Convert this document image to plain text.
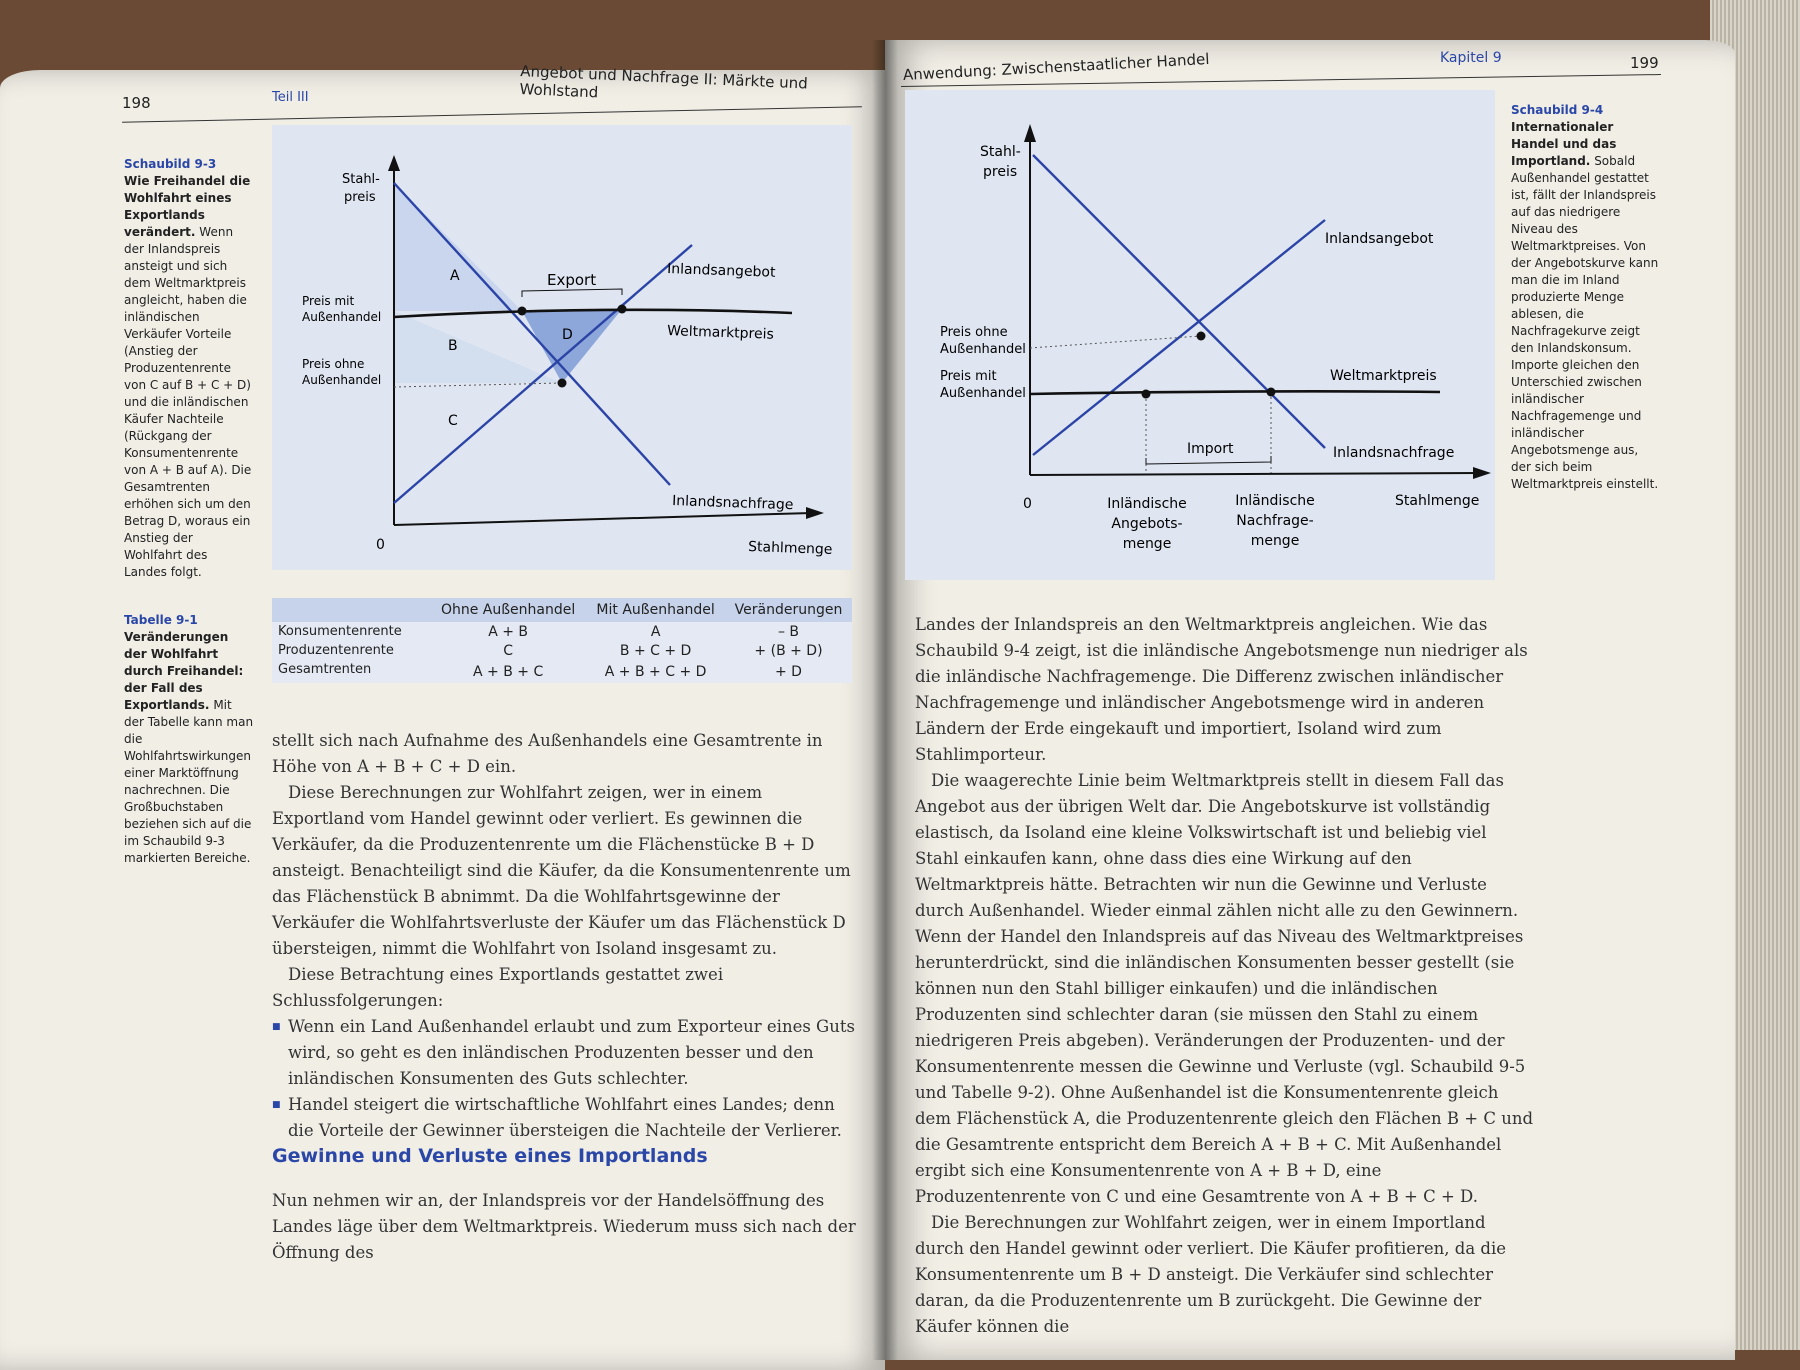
198	Teil III
Angebot und Nachfrage II: Märkte und Wohlstand
Schaubild 9-3
Wie Freihandel die Wohlfahrt eines Exportlands verändert. Wenn der Inlandspreis ansteigt und sich dem Weltmarktpreis angleicht, haben die inländischen Verkäufer Vorteile (Anstieg der Produzentenrente von C auf B + C + D) und die inländischen Käufer Nachteile (Rückgang der Konsumentenrente von A + B auf A). Die Gesamtrenten erhöhen sich um den Betrag D, woraus ein Anstieg der Wohlfahrt des Landes folgt.
Export
A
B
C
D
Stahl-
preis
Preis mit
Außenhandel
Preis ohne
Außenhandel
Inlandsangebot
Weltmarktpreis
Inlandsnachfrage
Stahlmenge
0
Tabelle 9-1
Veränderungen der Wohlfahrt durch Freihandel: der Fall des Exportlands. Mit der Tabelle kann man die Wohlfahrtswirkungen einer Marktöffnung nachrechnen. Die Großbuchstaben beziehen sich auf die im Schaubild 9-3 markierten Bereiche.
	Ohne Außenhandel	Mit Außenhandel	Veränderungen
Konsumentenrente	A + B	A	– B
Produzentenrente	C	B + C + D	+ (B + D)
Gesamtrenten	A + B + C	A + B + C + D	+ D

stellt sich nach Aufnahme des Außenhandels eine Gesamtrente in Höhe von A + B + C + D ein.

Diese Berechnungen zur Wohlfahrt zeigen, wer in einem Exportland vom Handel gewinnt oder verliert. Es gewinnen die Verkäufer, da die Produzentenrente um die Flächenstücke B + D ansteigt. Benachteiligt sind die Käufer, da die Konsumentenrente um das Flächenstück B abnimmt. Da die Wohlfahrtsgewinne der Verkäufer die Wohlfahrtsverluste der Käufer um das Flächenstück D übersteigen, nimmt die Wohlfahrt von Isoland insgesamt zu.

Diese Betrachtung eines Exportlands gestattet zwei Schlussfolgerungen:

■ Wenn ein Land Außenhandel erlaubt und zum Exporteur eines Guts wird, so geht es den inländischen Produzenten besser und den inländischen Konsumenten des Guts schlechter.

■ Handel steigert die wirtschaftliche Wohlfahrt eines Landes; denn die Vorteile der Gewinner übersteigen die Nachteile der Verlierer.

Gewinne und Verluste eines Importlands

Nun nehmen wir an, der Inlandspreis vor der Handelsöffnung des Landes läge über dem Weltmarktpreis. Wiederum muss sich nach der Öffnung des

Anwendung: Zwischenstaatlicher Handel	Kapitel 9	199
Import
Stahl-
preis
Preis ohne
Außenhandel
Preis mit
Außenhandel
Inlandsangebot
Weltmarktpreis
Inlandsnachfrage
Stahlmenge
0	Inländische
Angebots-
menge
Inländische
Nachfrage-
menge
Schaubild 9-4
Internationaler Handel und das Importland. Sobald Außenhandel gestattet ist, fällt der Inlandspreis auf das niedrigere Niveau des Weltmarktpreises. Von der Angebotskurve kann man die im Inland produzierte Menge ablesen, die Nachfragekurve zeigt den Inlandskonsum. Importe gleichen den Unterschied zwischen inländischer Nachfragemenge und inländischer Angebotsmenge aus, der sich beim Weltmarktpreis einstellt.

Landes der Inlandspreis an den Weltmarktpreis angleichen. Wie das Schaubild 9-4 zeigt, ist die inländische Angebotsmenge nun niedriger als die inländische Nachfragemenge. Die Differenz zwischen inländischer Nachfragemenge und inländischer Angebotsmenge wird in anderen Ländern der Erde eingekauft und importiert, Isoland wird zum Stahlimporteur.

Die waagerechte Linie beim Weltmarktpreis stellt in diesem Fall das Angebot aus der übrigen Welt dar. Die Angebotskurve ist vollständig elastisch, da Isoland eine kleine Volkswirtschaft ist und beliebig viel Stahl einkaufen kann, ohne dass dies eine Wirkung auf den Weltmarktpreis hätte. Betrachten wir nun die Gewinne und Verluste durch Außenhandel. Wieder einmal zählen nicht alle zu den Gewinnern. Wenn der Handel den Inlandspreis auf das Niveau des Weltmarktpreises herunterdrückt, sind die inländischen Konsumenten besser gestellt (sie können nun den Stahl billiger einkaufen) und die inländischen Produzenten sind schlechter daran (sie müssen den Stahl zu einem niedrigeren Preis abgeben). Veränderungen der Produzenten- und der Konsumentenrente messen die Gewinne und Verluste (vgl. Schaubild 9-5 und Tabelle 9-2). Ohne Außenhandel ist die Konsumentenrente gleich dem Flächenstück A, die Produzentenrente gleich den Flächen B + C und die Gesamtrente entspricht dem Bereich A + B + C. Mit Außenhandel ergibt sich eine Konsumentenrente von A + B + D, eine Produzentenrente von C und eine Gesamtrente von A + B + C + D.

Die Berechnungen zur Wohlfahrt zeigen, wer in einem Importland durch den Handel gewinnt oder verliert. Die Käufer profitieren, da die Konsumentenrente um B + D ansteigt. Die Verkäufer sind schlechter daran, da die Produzentenrente um B zurückgeht. Die Gewinne der Käufer können die
